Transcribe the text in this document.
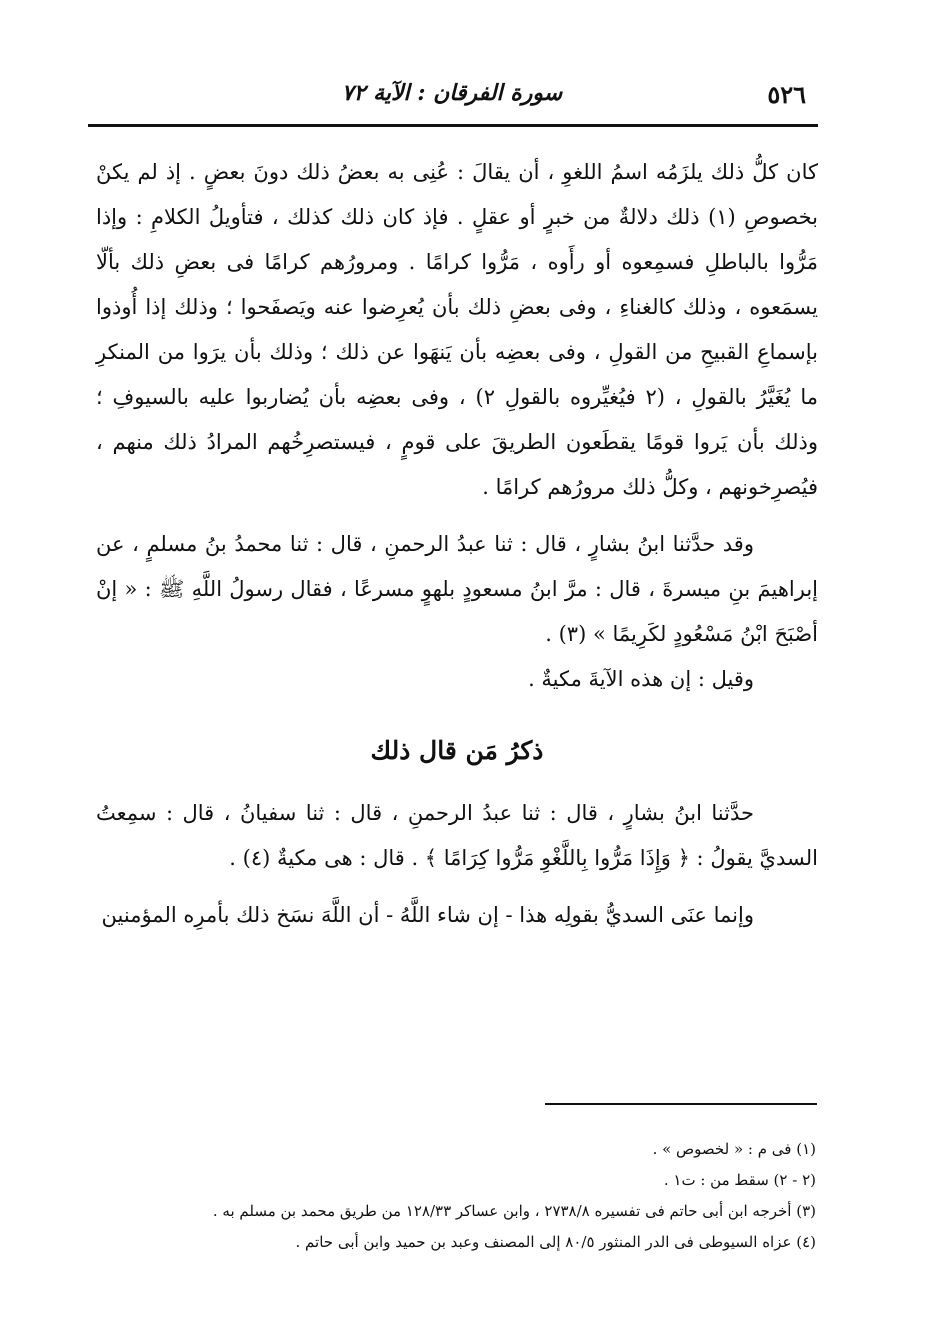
٥٢٦
سورة الفرقان : الآية ٧٢

كان كلُّ ذلك يلزَمُه اسمُ اللغوِ ، أن يقالَ : عُنِى به بعضُ ذلك دونَ بعضٍ . إذ لم يكنْ بخصوصِ (١) ذلك دلالةٌ من خبرٍ أو عقلٍ . فإذ كان ذلك كذلك ، فتأويلُ الكلامِ : وإذا مَرُّوا بالباطلِ فسمِعوه أو رأَوه ، مَرُّوا كرامًا . ومرورُهم كرامًا فى بعضِ ذلك بألّا يسمَعوه ، وذلك كالغناءِ ، وفى بعضِ ذلك بأن يُعرِضوا عنه ويَصفَحوا ؛ وذلك إذا أُوذوا بإسماعِ القبيحِ من القولِ ، وفى بعضِه بأن يَنهَوا عن ذلك ؛ وذلك بأن يرَوا من المنكرِ ما يُغَيَّرُ بالقولِ ، (٢ فيُغيِّروه بالقولِ ٢) ، وفى بعضِه بأن يُضاربوا عليه بالسيوفِ ؛ وذلك بأن يَروا قومًا يقطَعون الطريقَ على قومٍ ، فيستصرِخُهم المرادُ ذلك منهم ، فيُصرِخونهم ، وكلُّ ذلك مرورُهم كرامًا .

وقد حدَّثنا ابنُ بشارٍ ، قال : ثنا عبدُ الرحمنِ ، قال : ثنا محمدُ بنُ مسلمٍ ، عن إبراهيمَ بنِ ميسرةَ ، قال : مرَّ ابنُ مسعودٍ بلهوٍ مسرعًا ، فقال رسولُ اللَّهِ ﷺ : « إنْ أصْبَحَ ابْنُ مَسْعُودٍ لكَرِيمًا » (٣) .

وقيل : إن هذه الآيةَ مكيةٌ .

ذكرُ مَن قال ذلك

حدَّثنا ابنُ بشارٍ ، قال : ثنا عبدُ الرحمنِ ، قال : ثنا سفيانُ ، قال : سمِعتُ السديَّ يقولُ : ﴿ وَإِذَا مَرُّوا بِاللَّغْوِ مَرُّوا كِرَامًا ﴾ . قال : هى مكيةٌ (٤) .

وإنما عنَى السديُّ بقولِه هذا - إن شاء اللَّهُ - أن اللَّهَ نسَخ ذلك بأمرِه المؤمنين

(١) فى م : « لخصوص » .

(٢ - ٢) سقط من : ت١ .

(٣) أخرجه ابن أبى حاتم فى تفسيره ٢٧٣٨/٨ ، وابن عساكر ١٢٨/٣٣ من طريق محمد بن مسلم به .

(٤) عزاه السيوطى فى الدر المنثور ٨٠/٥ إلى المصنف وعبد بن حميد وابن أبى حاتم .
